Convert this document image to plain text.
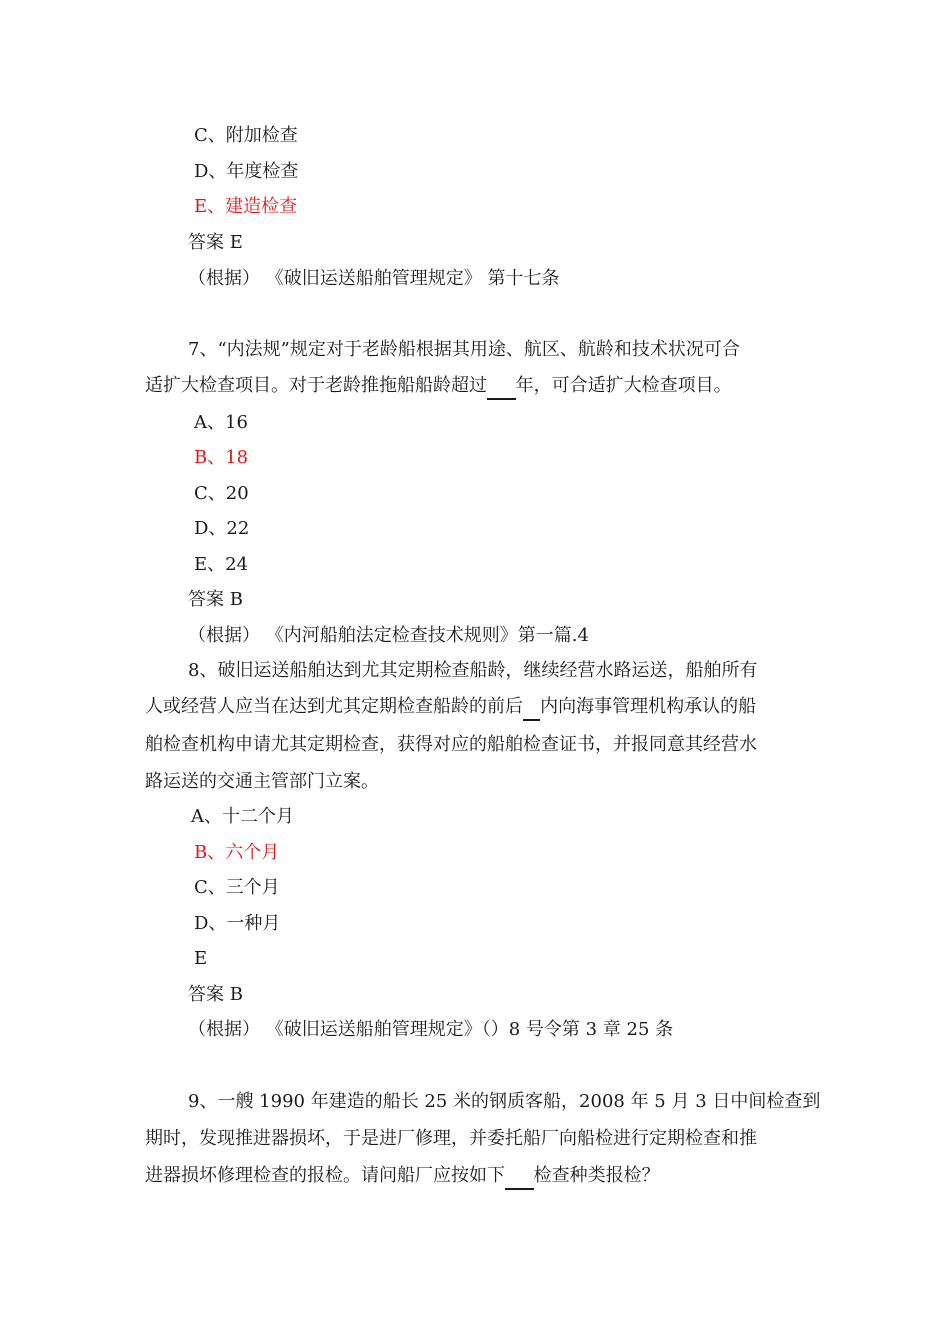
C、附加检查
D、年度检查
E、建造检查
答案 E
（根据） 《破旧运送船舶管理规定》 第十七条
7、“内法规”规定对于老龄船根据其用途、航区、航龄和技术状况可合
适扩大检查项目。对于老龄推拖船船龄超过 年，可合适扩大检查项目。
A、16
B、18
C、20
D、22
E、24
答案 B
（根据） 《内河船舶法定检查技术规则》第一篇.4
8、破旧运送船舶达到尤其定期检查船龄，继续经营水路运送，船舶所有
人或经营人应当在达到尤其定期检查船龄的前后 内向海事管理机构承认的船
舶检查机构申请尤其定期检查，获得对应的船舶检查证书，并报同意其经营水
路运送的交通主管部门立案。
A、十二个月
B、六个月
C、三个月
D、一种月
E
答案 B
（根据） 《破旧运送船舶管理规定》（）8 号令第 3 章 25 条
9、一艘 1990 年建造的船长 25 米的钢质客船，2008 年 5 月 3 日中间检查到
期时，发现推进器损坏，于是进厂修理，并委托船厂向船检进行定期检查和推
进器损坏修理检查的报检。请问船厂应按如下 检查种类报检？
